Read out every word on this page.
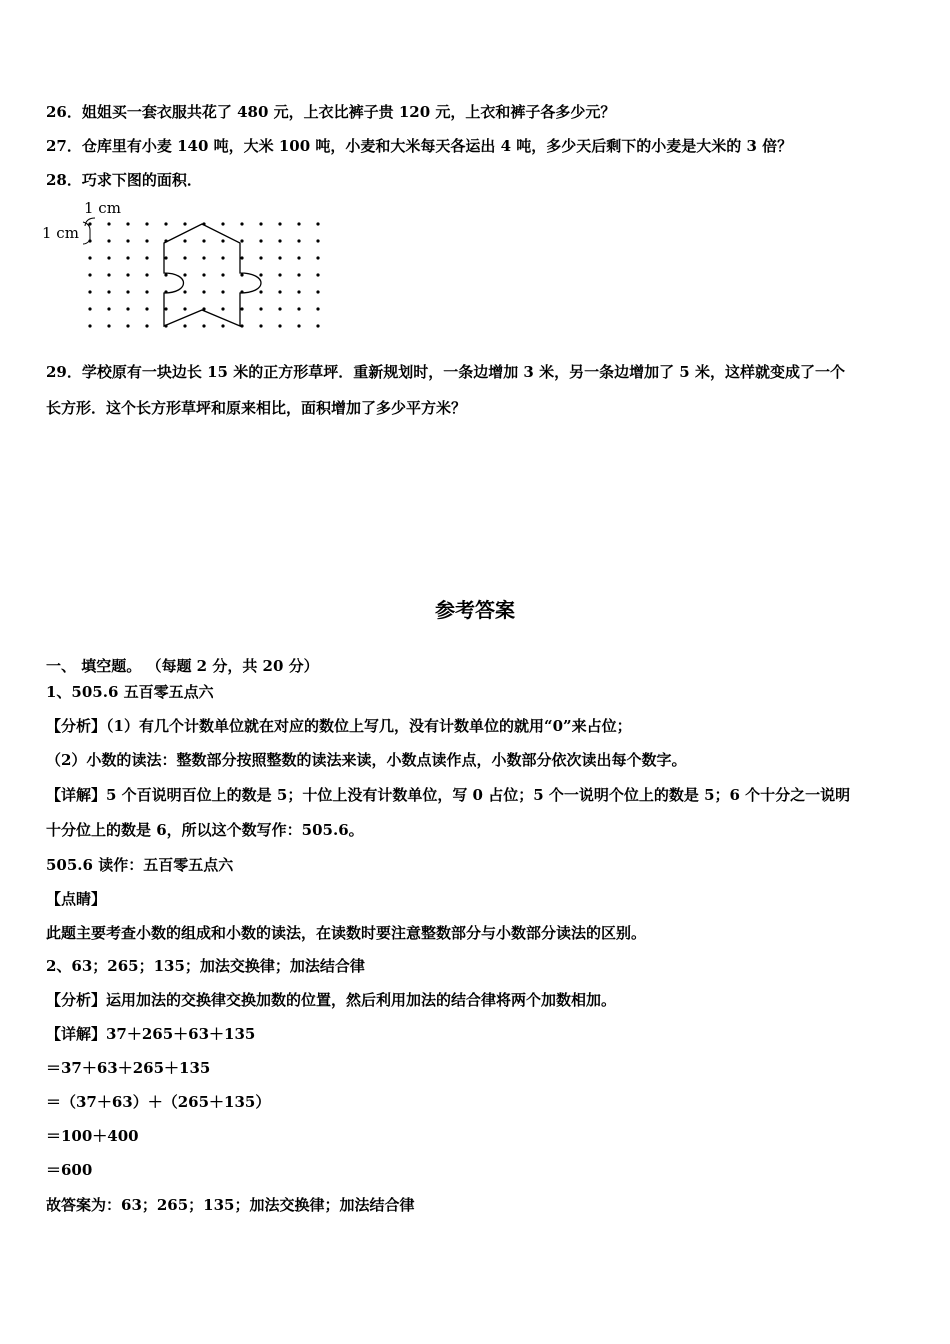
26．姐姐买一套衣服共花了 480 元，上衣比裤子贵 120 元，上衣和裤子各多少元？
27．仓库里有小麦 140 吨，大米 100 吨，小麦和大米每天各运出 4 吨，多少天后剩下的小麦是大米的 3 倍？
28．巧求下图的面积．
1 cm
1 cm
29．学校原有一块边长 15 米的正方形草坪．重新规划时，一条边增加 3 米，另一条边增加了 5 米，这样就变成了一个
长方形．这个长方形草坪和原来相比，面积增加了多少平方米？
参考答案
一、 填空题。 （每题 2 分，共 20 分）
1、505.6 五百零五点六
【分析】（1）有几个计数单位就在对应的数位上写几，没有计数单位的就用“0”来占位；
（2）小数的读法：整数部分按照整数的读法来读，小数点读作点，小数部分依次读出每个数字。
【详解】5 个百说明百位上的数是 5；十位上没有计数单位，写 0 占位；5 个一说明个位上的数是 5；6 个十分之一说明
十分位上的数是 6，所以这个数写作：505.6。
505.6 读作：五百零五点六
【点睛】
此题主要考查小数的组成和小数的读法，在读数时要注意整数部分与小数部分读法的区别。
2、63；265；135；加法交换律；加法结合律
【分析】运用加法的交换律交换加数的位置，然后利用加法的结合律将两个加数相加。
【详解】37＋265＋63＋135
＝37＋63＋265＋135
＝（37＋63）＋（265＋135）
＝100＋400
＝600
故答案为：63；265；135；加法交换律；加法结合律
